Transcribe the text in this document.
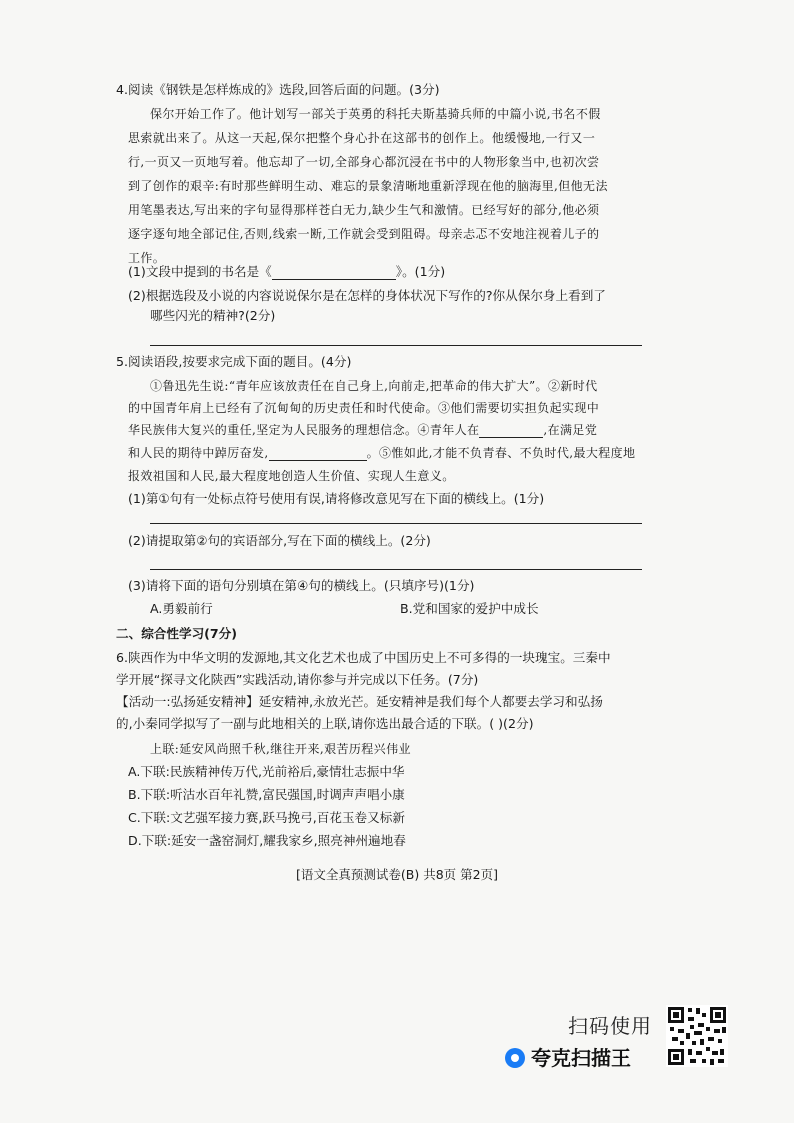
4.阅读《钢铁是怎样炼成的》选段,回答后面的问题。(3分)
保尔开始工作了。他计划写一部关于英勇的科托夫斯基骑兵师的中篇小说,书名不假
思索就出来了。从这一天起,保尔把整个身心扑在这部书的创作上。他缓慢地,一行又一
行,一页又一页地写着。他忘却了一切,全部身心都沉浸在书中的人物形象当中,也初次尝
到了创作的艰辛:有时那些鲜明生动、难忘的景象清晰地重新浮现在他的脑海里,但他无法
用笔墨表达,写出来的字句显得那样苍白无力,缺少生气和激情。已经写好的部分,他必须
逐字逐句地全部记住,否则,线索一断,工作就会受到阻碍。母亲忐忑不安地注视着儿子的
工作。
(1)文段中提到的书名是《	》。(1分)
(2)根据选段及小说的内容说说保尔是在怎样的身体状况下写作的?你从保尔身上看到了
哪些闪光的精神?(2分)
5.阅读语段,按要求完成下面的题目。(4分)
①鲁迅先生说:“青年应该放责任在自己身上,向前走,把革命的伟大扩大”。②新时代
的中国青年肩上已经有了沉甸甸的历史责任和时代使命。③他们需要切实担负起实现中
华民族伟大复兴的重任,坚定为人民服务的理想信念。④青年人在	,在满足党
和人民的期待中踔厉奋发,	。⑤惟如此,才能不负青春、不负时代,最大程度地
报效祖国和人民,最大程度地创造人生价值、实现人生意义。
(1)第①句有一处标点符号使用有误,请将修改意见写在下面的横线上。(1分)
(2)请提取第②句的宾语部分,写在下面的横线上。(2分)
(3)请将下面的语句分别填在第④句的横线上。(只填序号)(1分)
A.勇毅前行	B.党和国家的爱护中成长
二、综合性学习(7分)
6.陕西作为中华文明的发源地,其文化艺术也成了中国历史上不可多得的一块瑰宝。三秦中
学开展“探寻文化陕西”实践活动,请你参与并完成以下任务。(7分)
【活动一:弘扬延安精神】延安精神,永放光芒。延安精神是我们每个人都要去学习和弘扬
的,小秦同学拟写了一副与此地相关的上联,请你选出最合适的下联。( )(2分)
上联:延安风尚照千秋,继往开来,艰苦历程兴伟业
A.下联:民族精神传万代,光前裕后,豪情壮志振中华
B.下联:听沽水百年礼赞,富民强国,时调声声唱小康
C.下联:文艺强军接力赛,跃马挽弓,百花玉卷又标新
D.下联:延安一盏窑洞灯,耀我家乡,照亮神州遍地春
[语文全真预测试卷(B) 共8页 第2页]
扫码使用
夸克扫描王
